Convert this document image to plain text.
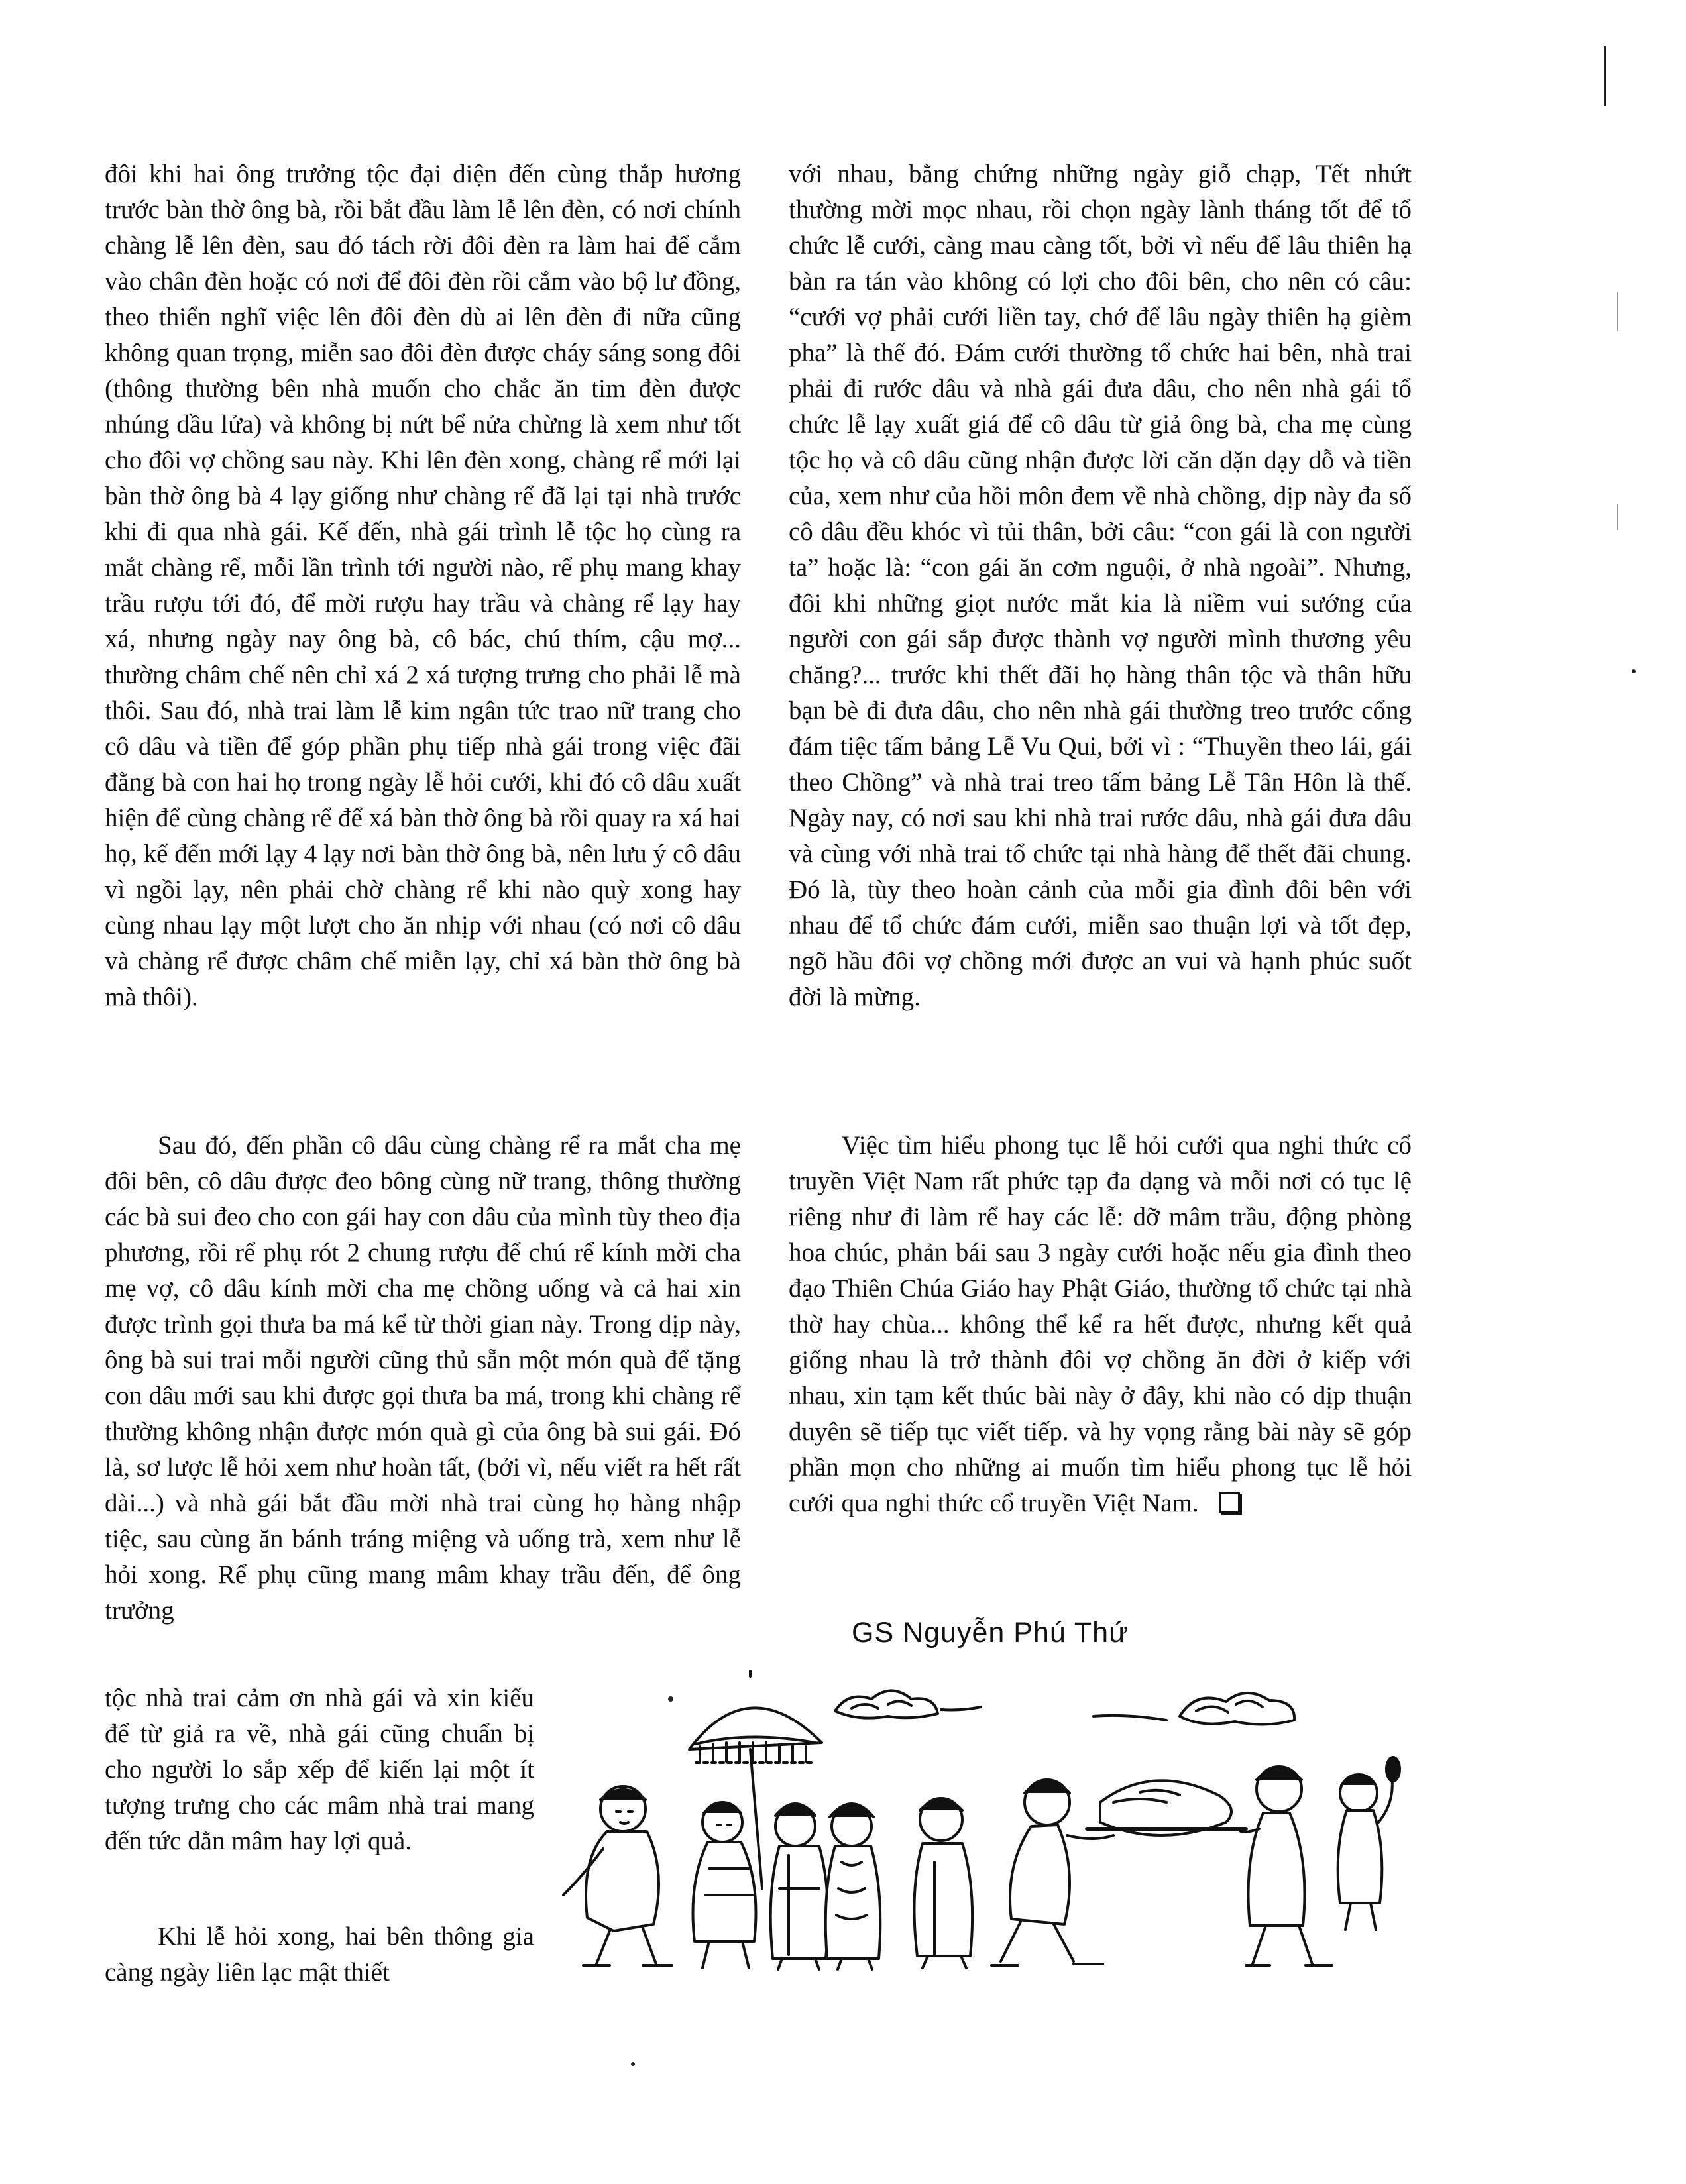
đôi khi hai ông trưởng tộc đại diện đến cùng thắp hương trước bàn thờ ông bà, rồi bắt đầu làm lễ lên đèn, có nơi chính chàng lễ lên đèn, sau đó tách rời đôi đèn ra làm hai để cắm vào chân đèn hoặc có nơi để đôi đèn rồi cắm vào bộ lư đồng, theo thiển nghĩ việc lên đôi đèn dù ai lên đèn đi nữa cũng không quan trọng, miễn sao đôi đèn được cháy sáng song đôi (thông thường bên nhà muốn cho chắc ăn tim đèn được nhúng dầu lửa) và không bị nứt bể nửa chừng là xem như tốt cho đôi vợ chồng sau này. Khi lên đèn xong, chàng rể mới lại bàn thờ ông bà 4 lạy giống như chàng rể đã lại tại nhà trước khi đi qua nhà gái. Kế đến, nhà gái trình lễ tộc họ cùng ra mắt chàng rể, mỗi lần trình tới người nào, rể phụ mang khay trầu rượu tới đó, để mời rượu hay trầu và chàng rể lạy hay xá, nhưng ngày nay ông bà, cô bác, chú thím, cậu mợ... thường châm chế nên chỉ xá 2 xá tượng trưng cho phải lễ mà thôi. Sau đó, nhà trai làm lễ kim ngân tức trao nữ trang cho cô dâu và tiền để góp phần phụ tiếp nhà gái trong việc đãi đằng bà con hai họ trong ngày lễ hỏi cưới, khi đó cô dâu xuất hiện để cùng chàng rể để xá bàn thờ ông bà rồi quay ra xá hai họ, kế đến mới lạy 4 lạy nơi bàn thờ ông bà, nên lưu ý cô dâu vì ngồi lạy, nên phải chờ chàng rể khi nào quỳ xong hay cùng nhau lạy một lượt cho ăn nhịp với nhau (có nơi cô dâu và chàng rể được châm chế miễn lạy, chỉ xá bàn thờ ông bà mà thôi).

Sau đó, đến phần cô dâu cùng chàng rể ra mắt cha mẹ đôi bên, cô dâu được đeo bông cùng nữ trang, thông thường các bà sui đeo cho con gái hay con dâu của mình tùy theo địa phương, rồi rể phụ rót 2 chung rượu để chú rể kính mời cha mẹ vợ, cô dâu kính mời cha mẹ chồng uống và cả hai xin được trình gọi thưa ba má kể từ thời gian này. Trong dịp này, ông bà sui trai mỗi người cũng thủ sẵn một món quà để tặng con dâu mới sau khi được gọi thưa ba má, trong khi chàng rể thường không nhận được món quà gì của ông bà sui gái. Đó là, sơ lược lễ hỏi xem như hoàn tất, (bởi vì, nếu viết ra hết rất dài...) và nhà gái bắt đầu mời nhà trai cùng họ hàng nhập tiệc, sau cùng ăn bánh tráng miệng và uống trà, xem như lễ hỏi xong. Rể phụ cũng mang mâm khay trầu đến, để ông trưởng

tộc nhà trai cảm ơn nhà gái và xin kiếu để từ giả ra về, nhà gái cũng chuẩn bị cho người lo sắp xếp để kiến lại một ít tượng trưng cho các mâm nhà trai mang đến tức dằn mâm hay lợi quả.

Khi lễ hỏi xong, hai bên thông gia càng ngày liên lạc mật thiết

với nhau, bằng chứng những ngày giỗ chạp, Tết nhứt thường mời mọc nhau, rồi chọn ngày lành tháng tốt để tổ chức lễ cưới, càng mau càng tốt, bởi vì nếu để lâu thiên hạ bàn ra tán vào không có lợi cho đôi bên, cho nên có câu: “cưới vợ phải cưới liền tay, chớ để lâu ngày thiên hạ gièm pha” là thế đó. Đám cưới thường tổ chức hai bên, nhà trai phải đi rước dâu và nhà gái đưa dâu, cho nên nhà gái tổ chức lễ lạy xuất giá để cô dâu từ giả ông bà, cha mẹ cùng tộc họ và cô dâu cũng nhận được lời căn dặn dạy dỗ và tiền của, xem như của hồi môn đem về nhà chồng, dịp này đa số cô dâu đều khóc vì tủi thân, bởi câu: “con gái là con người ta” hoặc là: “con gái ăn cơm nguội, ở nhà ngoài”. Nhưng, đôi khi những giọt nước mắt kia là niềm vui sướng của người con gái sắp được thành vợ người mình thương yêu chăng?... trước khi thết đãi họ hàng thân tộc và thân hữu bạn bè đi đưa dâu, cho nên nhà gái thường treo trước cổng đám tiệc tấm bảng Lễ Vu Qui, bởi vì : “Thuyền theo lái, gái theo Chồng” và nhà trai treo tấm bảng Lễ Tân Hôn là thế. Ngày nay, có nơi sau khi nhà trai rước dâu, nhà gái đưa dâu và cùng với nhà trai tổ chức tại nhà hàng để thết đãi chung. Đó là, tùy theo hoàn cảnh của mỗi gia đình đôi bên với nhau để tổ chức đám cưới, miễn sao thuận lợi và tốt đẹp, ngõ hầu đôi vợ chồng mới được an vui và hạnh phúc suốt đời là mừng.

Việc tìm hiểu phong tục lễ hỏi cưới qua nghi thức cổ truyền Việt Nam rất phức tạp đa dạng và mỗi nơi có tục lệ riêng như đi làm rể hay các lễ: dỡ mâm trầu, động phòng hoa chúc, phản bái sau 3 ngày cưới hoặc nếu gia đình theo đạo Thiên Chúa Giáo hay Phật Giáo, thường tổ chức tại nhà thờ hay chùa... không thể kể ra hết được, nhưng kết quả giống nhau là trở thành đôi vợ chồng ăn đời ở kiếp với nhau, xin tạm kết thúc bài này ở đây, khi nào có dịp thuận duyên sẽ tiếp tục viết tiếp. và hy vọng rằng bài này sẽ góp phần mọn cho những ai muốn tìm hiểu phong tục lễ hỏi cưới qua nghi thức cổ truyền Việt Nam.

GS Nguyễn Phú Thứ
